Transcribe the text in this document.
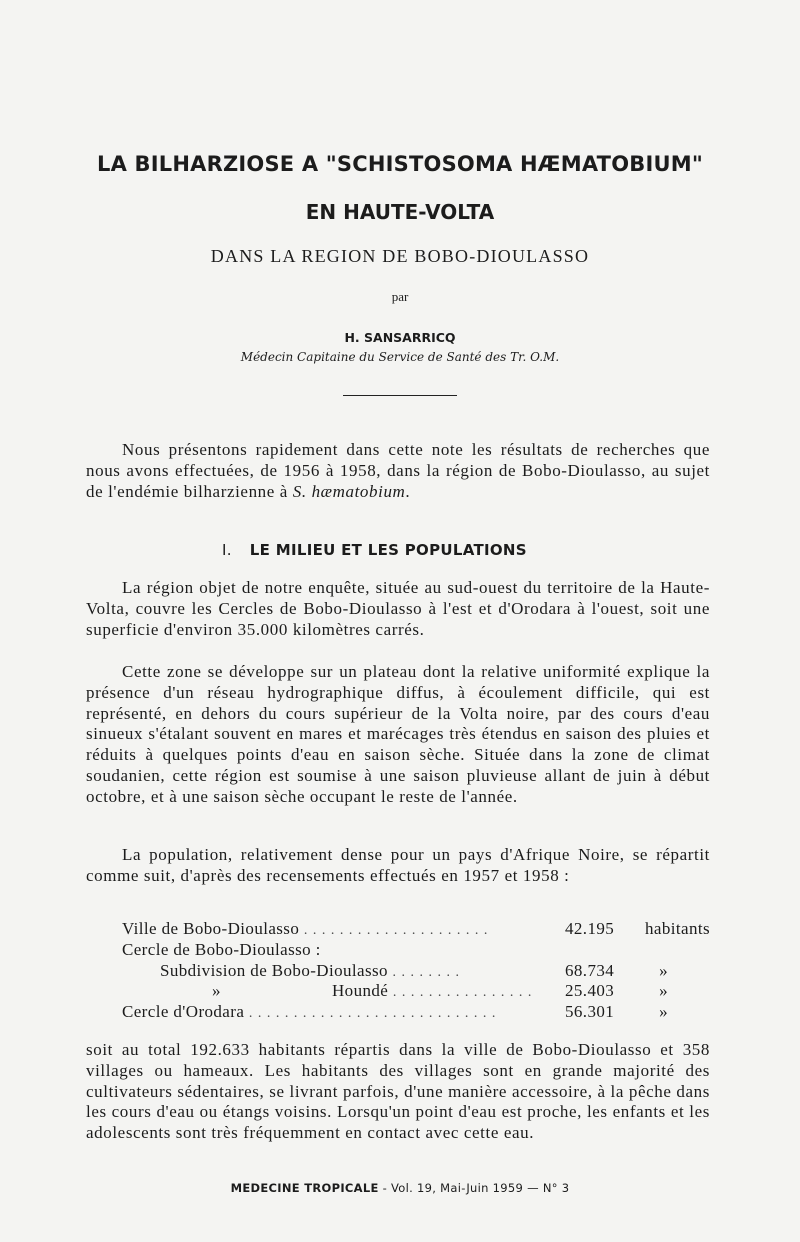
LA BILHARZIOSE A "SCHISTOSOMA HÆMATOBIUM"
EN HAUTE-VOLTA
DANS LA REGION DE BOBO-DIOULASSO
par
H. SANSARRICQ
Médecin Capitaine du Service de Santé des Tr. O.M.
Nous présentons rapidement dans cette note les résultats de recherches que nous avons effectuées, de 1956 à 1958, dans la région de Bobo-Dioulasso, au sujet de l'endémie bilharzienne à S. hæmatobium.
I. LE MILIEU ET LES POPULATIONS
La région objet de notre enquête, située au sud-ouest du territoire de la Haute-Volta, couvre les Cercles de Bobo-Dioulasso à l'est et d'Orodara à l'ouest, soit une superficie d'environ 35.000 kilomètres carrés.
Cette zone se développe sur un plateau dont la relative uniformité explique la présence d'un réseau hydrographique diffus, à écoulement difficile, qui est représenté, en dehors du cours supérieur de la Volta noire, par des cours d'eau sinueux s'étalant souvent en mares et marécages très étendus en saison des pluies et réduits à quelques points d'eau en saison sèche. Située dans la zone de climat soudanien, cette région est soumise à une saison pluvieuse allant de juin à début octobre, et à une saison sèche occupant le reste de l'année.
La population, relativement dense pour un pays d'Afrique Noire, se répartit comme suit, d'après des recensements effectués en 1957 et 1958 :
Ville de Bobo-Dioulasso . . . . . . . . . . . . . . . . . . . . .	42.195 habitants
Cercle de Bobo-Dioulasso :
Subdivision de Bobo-Dioulasso . . . . . . . .	68.734	»
»	Houndé . . . . . . . . . . . . . . . . 25.403	»
Cercle d'Orodara . . . . . . . . . . . . . . . . . . . . . . . . . . . .	56.301	»
soit au total 192.633 habitants répartis dans la ville de Bobo-Dioulasso et 358 villages ou hameaux. Les habitants des villages sont en grande majorité des cultivateurs sédentaires, se livrant parfois, d'une manière accessoire, à la pêche dans les cours d'eau ou étangs voisins. Lorsqu'un point d'eau est proche, les enfants et les adolescents sont très fréquemment en contact avec cette eau.
MEDECINE TROPICALE - Vol. 19, Mai-Juin 1959 — N° 3
